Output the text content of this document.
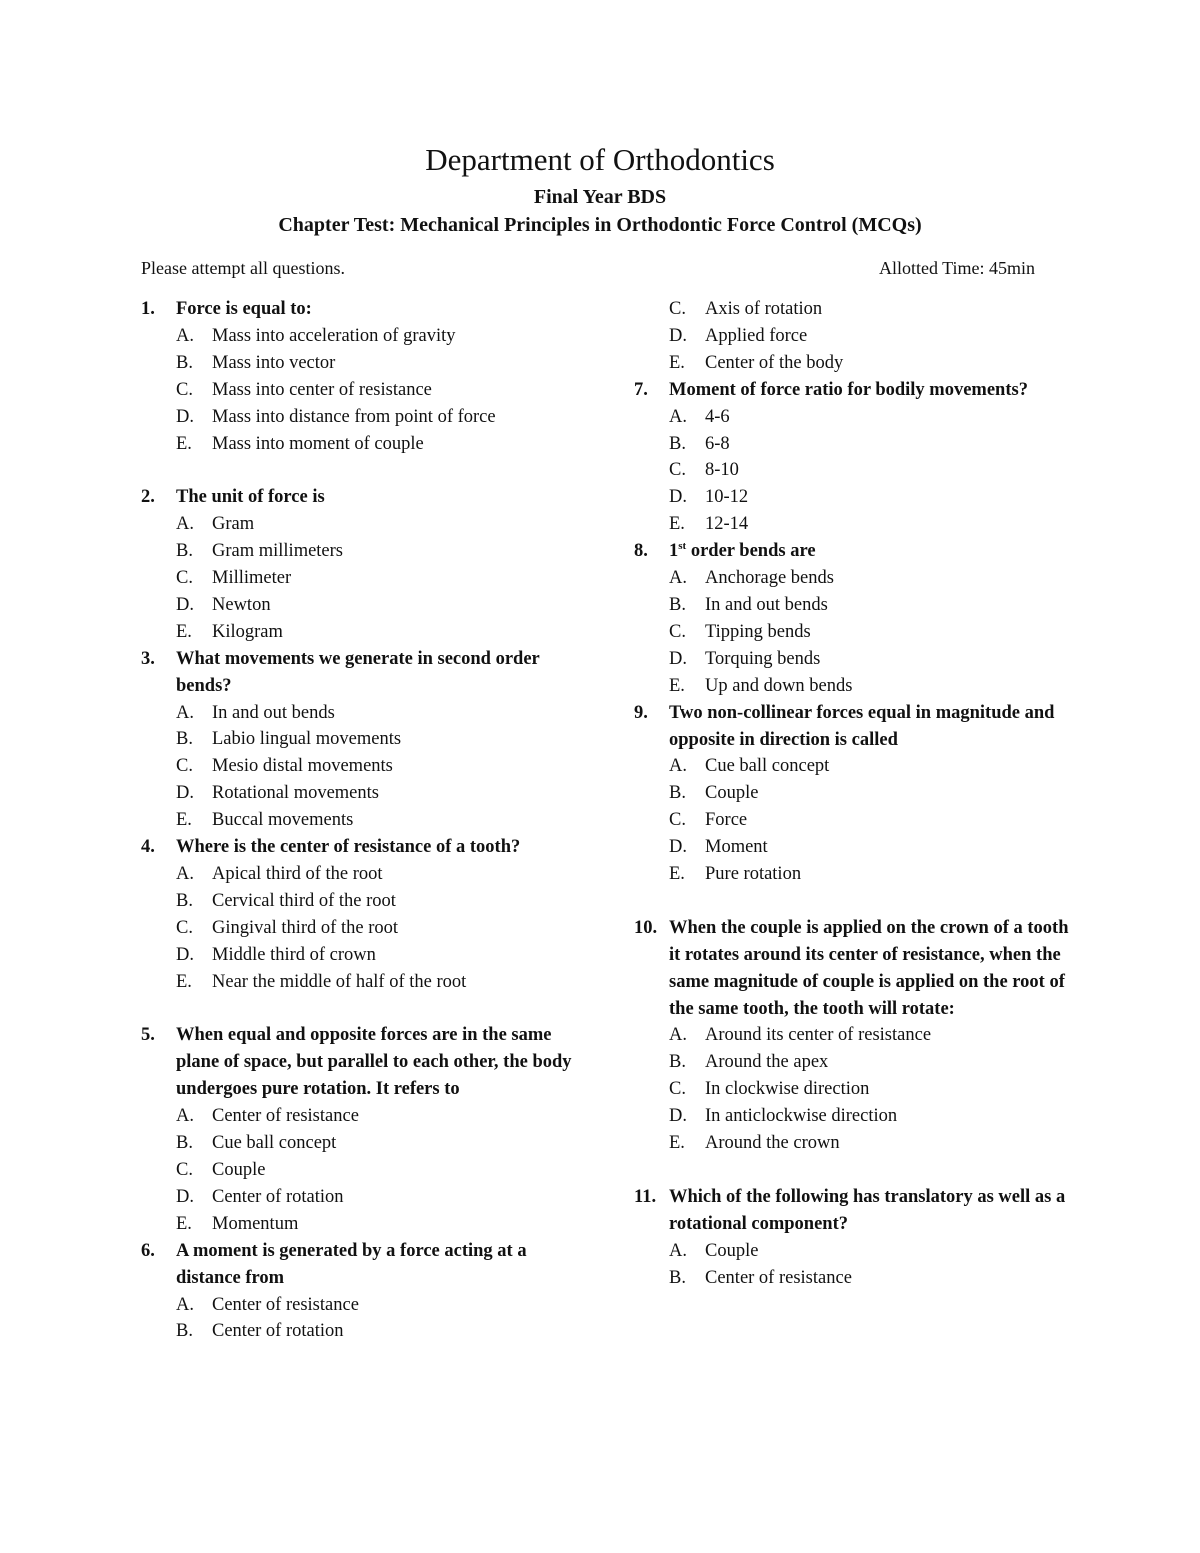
Department of Orthodontics
Final Year BDS
Chapter Test: Mechanical Principles in Orthodontic Force Control (MCQs)
Please attempt all questions.	Allotted Time: 45min
1.	Force is equal to:
A. Mass into acceleration of gravity
B. Mass into vector
C. Mass into center of resistance
D. Mass into distance from point of force
E. Mass into moment of couple
2.	The unit of force is
A. Gram
B. Gram millimeters
C. Millimeter
D. Newton
E. Kilogram
3.	What movements we generate in second order bends?
A. In and out bends
B. Labio lingual movements
C. Mesio distal movements
D. Rotational movements
E. Buccal movements
4.	Where is the center of resistance of a tooth?
A. Apical third of the root
B. Cervical third of the root
C. Gingival third of the root
D. Middle third of crown
E. Near the middle of half of the root
5.	When equal and opposite forces are in the same plane of space, but parallel to each other, the body undergoes pure rotation. It refers to
A. Center of resistance
B. Cue ball concept
C. Couple
D. Center of rotation
E. Momentum
6.	A moment is generated by a force acting at a distance from
A. Center of resistance
B. Center of rotation
C. Axis of rotation
D. Applied force
E. Center of the body
7.	Moment of force ratio for bodily movements?
A. 4-6
B. 6-8
C. 8-10
D. 10-12
E. 12-14
8.	1st order bends are
A. Anchorage bends
B. In and out bends
C. Tipping bends
D. Torquing bends
E. Up and down bends
9.	Two non-collinear forces equal in magnitude and opposite in direction is called
A. Cue ball concept
B. Couple
C. Force
D. Moment
E. Pure rotation
10. When the couple is applied on the crown of a tooth it rotates around its center of resistance, when the same magnitude of couple is applied on the root of the same tooth, the tooth will rotate:
A. Around its center of resistance
B. Around the apex
C. In clockwise direction
D. In anticlockwise direction
E. Around the crown
11. Which of the following has translatory as well as a rotational component?
A. Couple
B. Center of resistance
